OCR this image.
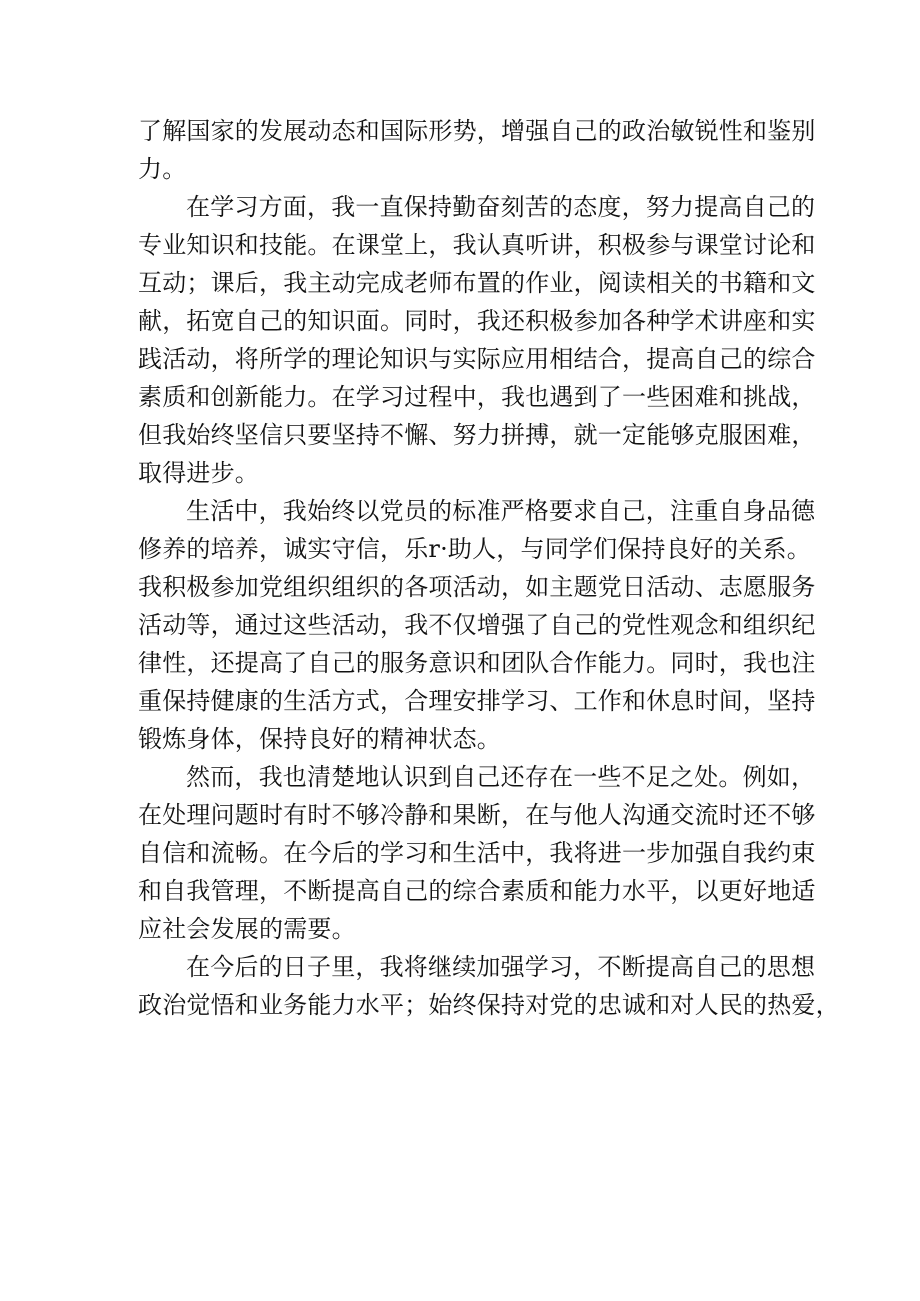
了解国家的发展动态和国际形势，增强自己的政治敏锐性和鉴别
力。
在学习方面，我一直保持勤奋刻苦的态度，努力提高自己的
专业知识和技能。在课堂上，我认真听讲，积极参与课堂讨论和
互动；课后，我主动完成老师布置的作业，阅读相关的书籍和文
献，拓宽自己的知识面。同时，我还积极参加各种学术讲座和实
践活动，将所学的理论知识与实际应用相结合，提高自己的综合
素质和创新能力。在学习过程中，我也遇到了一些困难和挑战，
但我始终坚信只要坚持不懈、努力拼搏，就一定能够克服困难，
取得进步。
生活中，我始终以党员的标准严格要求自己，注重自身品德
修养的培养，诚实守信，乐r·助人，与同学们保持良好的关系。
我积极参加党组织组织的各项活动，如主题党日活动、志愿服务
活动等，通过这些活动，我不仅增强了自己的党性观念和组织纪
律性，还提高了自己的服务意识和团队合作能力。同时，我也注
重保持健康的生活方式，合理安排学习、工作和休息时间，坚持
锻炼身体，保持良好的精神状态。
然而，我也清楚地认识到自己还存在一些不足之处。例如，
在处理问题时有时不够冷静和果断，在与他人沟通交流时还不够
自信和流畅。在今后的学习和生活中，我将进一步加强自我约束
和自我管理，不断提高自己的综合素质和能力水平，以更好地适
应社会发展的需要。
在今后的日子里，我将继续加强学习，不断提高自己的思想
政治觉悟和业务能力水平；始终保持对党的忠诚和对人民的热爱，
